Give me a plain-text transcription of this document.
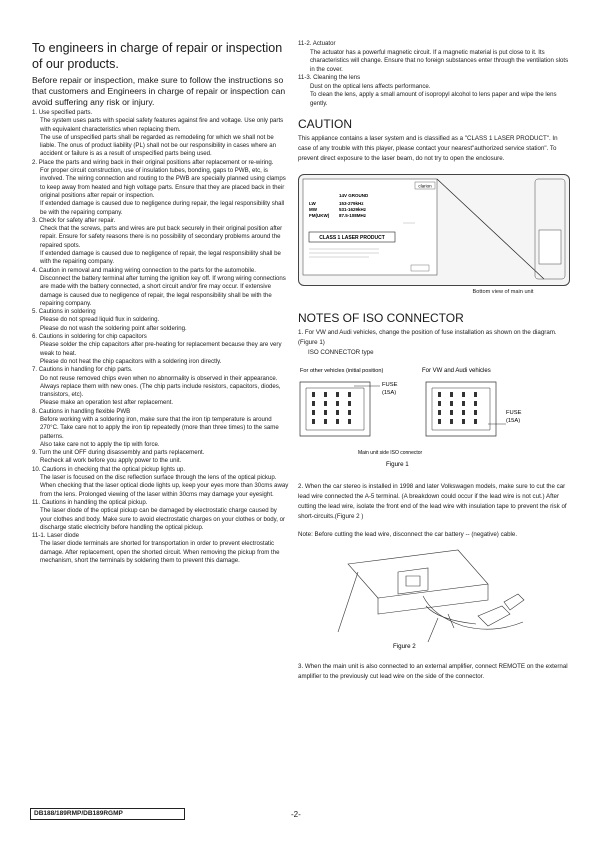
To engineers in charge of repair or inspection of our products.

Before repair or inspection, make sure to follow the instructions so that customers and Engineers in charge of repair or inspection can avoid suffering any risk or injury.

1. Use specified parts.

The system uses parts with special safety features against fire and voltage. Use only parts with equivalent characteristics when replacing them.

The use of unspecified parts shall be regarded as remodeling for which we shall not be liable. The onus of product liability (PL) shall not be our responsibility in cases where an accident or failure is as a result of unspecified parts being used.

2. Place the parts and wiring back in their original positions after replacement or re-wiring.

For proper circuit construction, use of insulation tubes, bonding, gaps to PWB, etc, is involved. The wiring connection and routing to the PWB are specially planned using clamps to keep away from heated and high voltage parts. Ensure that they are placed back in their original positions after repair or inspection.

If extended damage is caused due to negligence during repair, the legal responsibility shall be with the repairing company.

3. Check for safety after repair.

Check that the screws, parts and wires are put back securely in their original position after repair. Ensure for safety reasons there is no possibility of secondary problems around the repaired spots.

If extended damage is caused due to negligence of repair, the legal responsibility shall be with the repairing company.

4. Caution in removal and making wiring connection to the parts for the automobile.

Disconnect the battery terminal after turning the ignition key off. If wrong wiring connections are made with the battery connected, a short circuit and/or fire may occur. If extensive damage is caused due to negligence of repair, the legal responsibility shall be with the repairing company.

5. Cautions in soldering

Please do not spread liquid flux in soldering.

Please do not wash the soldering point after soldering.

6. Cautions in soldering for chip capacitors

Please solder the chip capacitors after pre-heating for replacement because they are very weak to heat.

Please do not heat the chip capacitors with a soldering iron directly.

7. Cautions in handling for chip parts.

Do not reuse removed chips even when no abnormality is observed in their appearance. Always replace them with new ones. (The chip parts include resistors, capacitors, diodes, transistors, etc).

Please make an operation test after replacement.

8. Cautions in handling flexible PWB

Before working with a soldering iron, make sure that the iron tip temperature is around 270°C. Take care not to apply the iron tip repeatedly (more than three times) to the same patterns.

Also take care not to apply the tip with force.

9. Turn the unit OFF during disassembly and parts replacement.

Recheck all work before you apply power to the unit.

10. Cautions in checking that the optical pickup lights up.

The laser is focused on the disc reflection surface through the lens of the optical pickup. When checking that the laser optical diode lights up, keep your eyes more than 30cms away from the lens. Prolonged viewing of the laser within 30cms may damage your eyesight.

11. Cautions in handling the optical pickup.

The laser diode of the optical pickup can be damaged by electrostatic charge caused by your clothes and body. Make sure to avoid electrostatic charges on your clothes or body, or discharge static electricity before handling the optical pickup.

11-1. Laser diode

The laser diode terminals are shorted for transportation in order to prevent electrostatic damage. After replacement, open the shorted circuit. When removing the pickup from the mechanism, short the terminals by soldering them to prevent this damage.

11-2. Actuator

The actuator has a powerful magnetic circuit. If a magnetic material is put close to it. Its characteristics will change. Ensure that no foreign substances enter through the ventilation slots in the cover.

11-3. Cleaning the lens

Dust on the optical lens affects performance.

To clean the lens, apply a small amount of isopropyl alcohol to lens paper and wipe the lens gently.

CAUTION

This appliance contains a laser system and is classified as a "CLASS 1 LASER PRODUCT". In case of any trouble with this player, please contact your nearest"authorized service station". To prevent direct exposure to the laser beam, do not try to open the enclosure.

clarion
14V GROUND
LW	153-279kHz
MW	531-1629kHz
FM(UKW) 87.5-108MHz
CLASS 1 LASER PRODUCT
Bottom view of main unit
NOTES OF ISO CONNECTOR

1. For VW and Audi vehicles, change the position of fuse installation as shown on the diagram.(Figure 1)

ISO CONNECTOR type

For other vehicles (initial position)	For VW and Audi vehicles
FUSE
(15A)
FUSE
(15A)
Main unit side ISO connector
Figure 1

2. When the car stereo is installed in 1998 and later Volkswagen models, make sure to cut the car lead wire connected the A-5 terminal. (A breakdown could occur if the lead wire is not cut.) After cutting the lead wire, isolate the front end of the lead wire with insulation tape to prevent the risk of short-circuits.(Figure 2 )

Note: Before cutting the lead wire, disconnect the car battery -- (negative) cable.

Figure 2

3. When the main unit is also connected to an external amplifier, connect REMOTE on the external amplifier to the previously cut lead wire on the side of the connector.

DB188/189RMP/DB189RGMP	-2-
